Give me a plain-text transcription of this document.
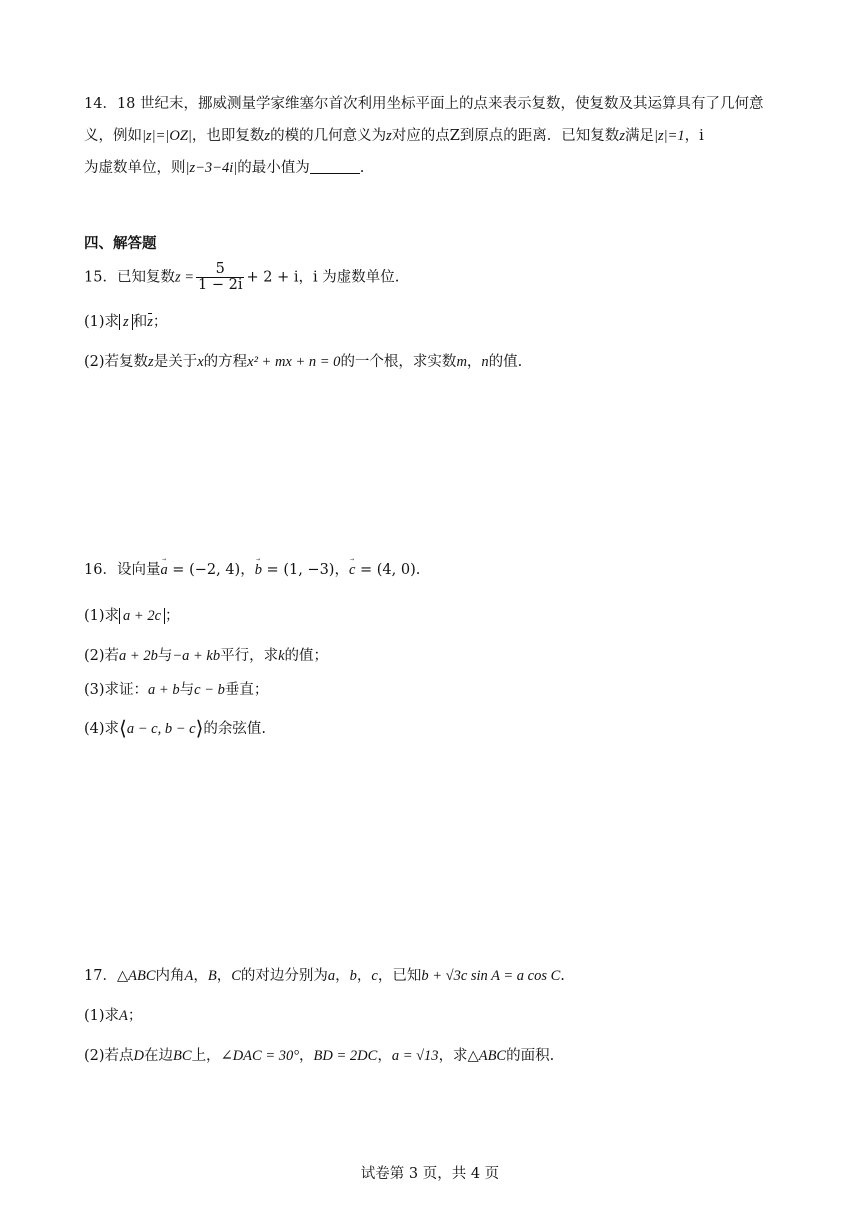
14．18 世纪末，挪威测量学家维塞尔首次利用坐标平面上的点来表示复数，使复数及其运算具有了几何意
义，例如|z|=|OZ|，也即复数z的模的几何意义为z对应的点Z到原点的距离．已知复数z满足|z|=1，i
为虚数单位，则|z−3−4i|的最小值为	.
四、解答题
15．已知复数$z = \frac{5}{1 - 2i} + 2 + i$，i 为虚数单位.
(1)求 z 和z；
(2)若复数z是关于x的方程x² + mx + n = 0的一个根，求实数m，n的值.
16．设向量→ a = (−2, 4)，→ b = (1, −3)，→ c = (4, 0).
(1)求 a + 2c ；
(2)若a + 2b与−a + kb平行，求k的值；
(3)求证：a + b与c − b垂直；
(4)求⟨a − c, b − c⟩的余弦值.
17．△ABC内角A，B，C的对边分别为a，b，c，已知b + √3c sin A = a cos C.
(1)求A；
(2)若点D在边BC上，∠DAC = 30°，BD = 2DC，a = √13，求△ABC的面积.
试卷第 3 页，共 4 页
